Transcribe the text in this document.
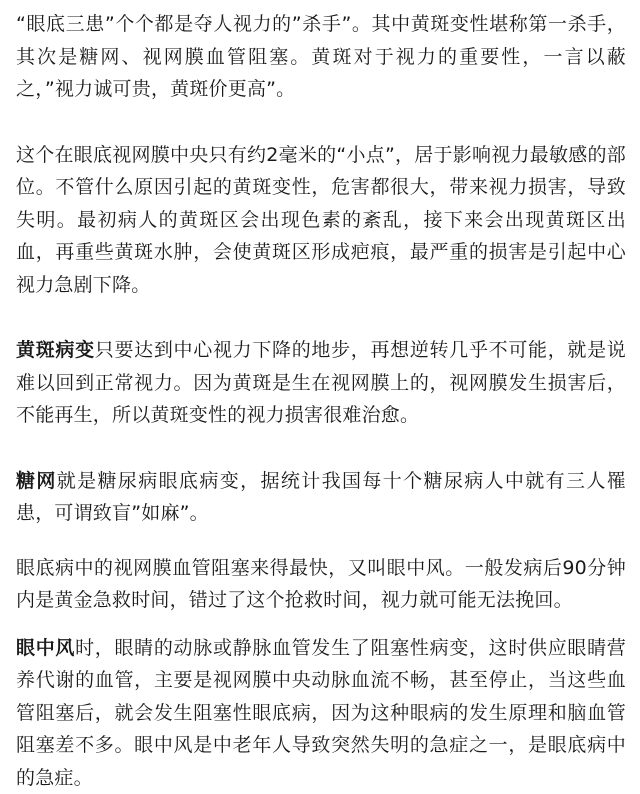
“眼底三患”个个都是夺人视力的”杀手”。其中黄斑变性堪称第一杀手，其次是糖网、视网膜血管阻塞。黄斑对于视力的重要性，一言以蔽之，”视力诚可贵，黄斑价更高”。

这个在眼底视网膜中央只有约2毫米的“小点”，居于影响视力最敏感的部位。不管什么原因引起的黄斑变性，危害都很大，带来视力损害，导致失明。最初病人的黄斑区会出现色素的紊乱，接下来会出现黄斑区出血，再重些黄斑水肿，会使黄斑区形成疤痕，最严重的损害是引起中心视力急剧下降。

黄斑病变只要达到中心视力下降的地步，再想逆转几乎不可能，就是说难以回到正常视力。因为黄斑是生在视网膜上的，视网膜发生损害后，不能再生，所以黄斑变性的视力损害很难治愈。

糖网就是糖尿病眼底病变，据统计我国每十个糖尿病人中就有三人罹患，可谓致盲”如麻”。

眼底病中的视网膜血管阻塞来得最快，又叫眼中风。一般发病后90分钟内是黄金急救时间，错过了这个抢救时间，视力就可能无法挽回。

眼中风时，眼睛的动脉或静脉血管发生了阻塞性病变，这时供应眼睛营养代谢的血管，主要是视网膜中央动脉血流不畅，甚至停止，当这些血管阻塞后，就会发生阻塞性眼底病，因为这种眼病的发生原理和脑血管阻塞差不多。眼中风是中老年人导致突然失明的急症之一，是眼底病中的急症。
